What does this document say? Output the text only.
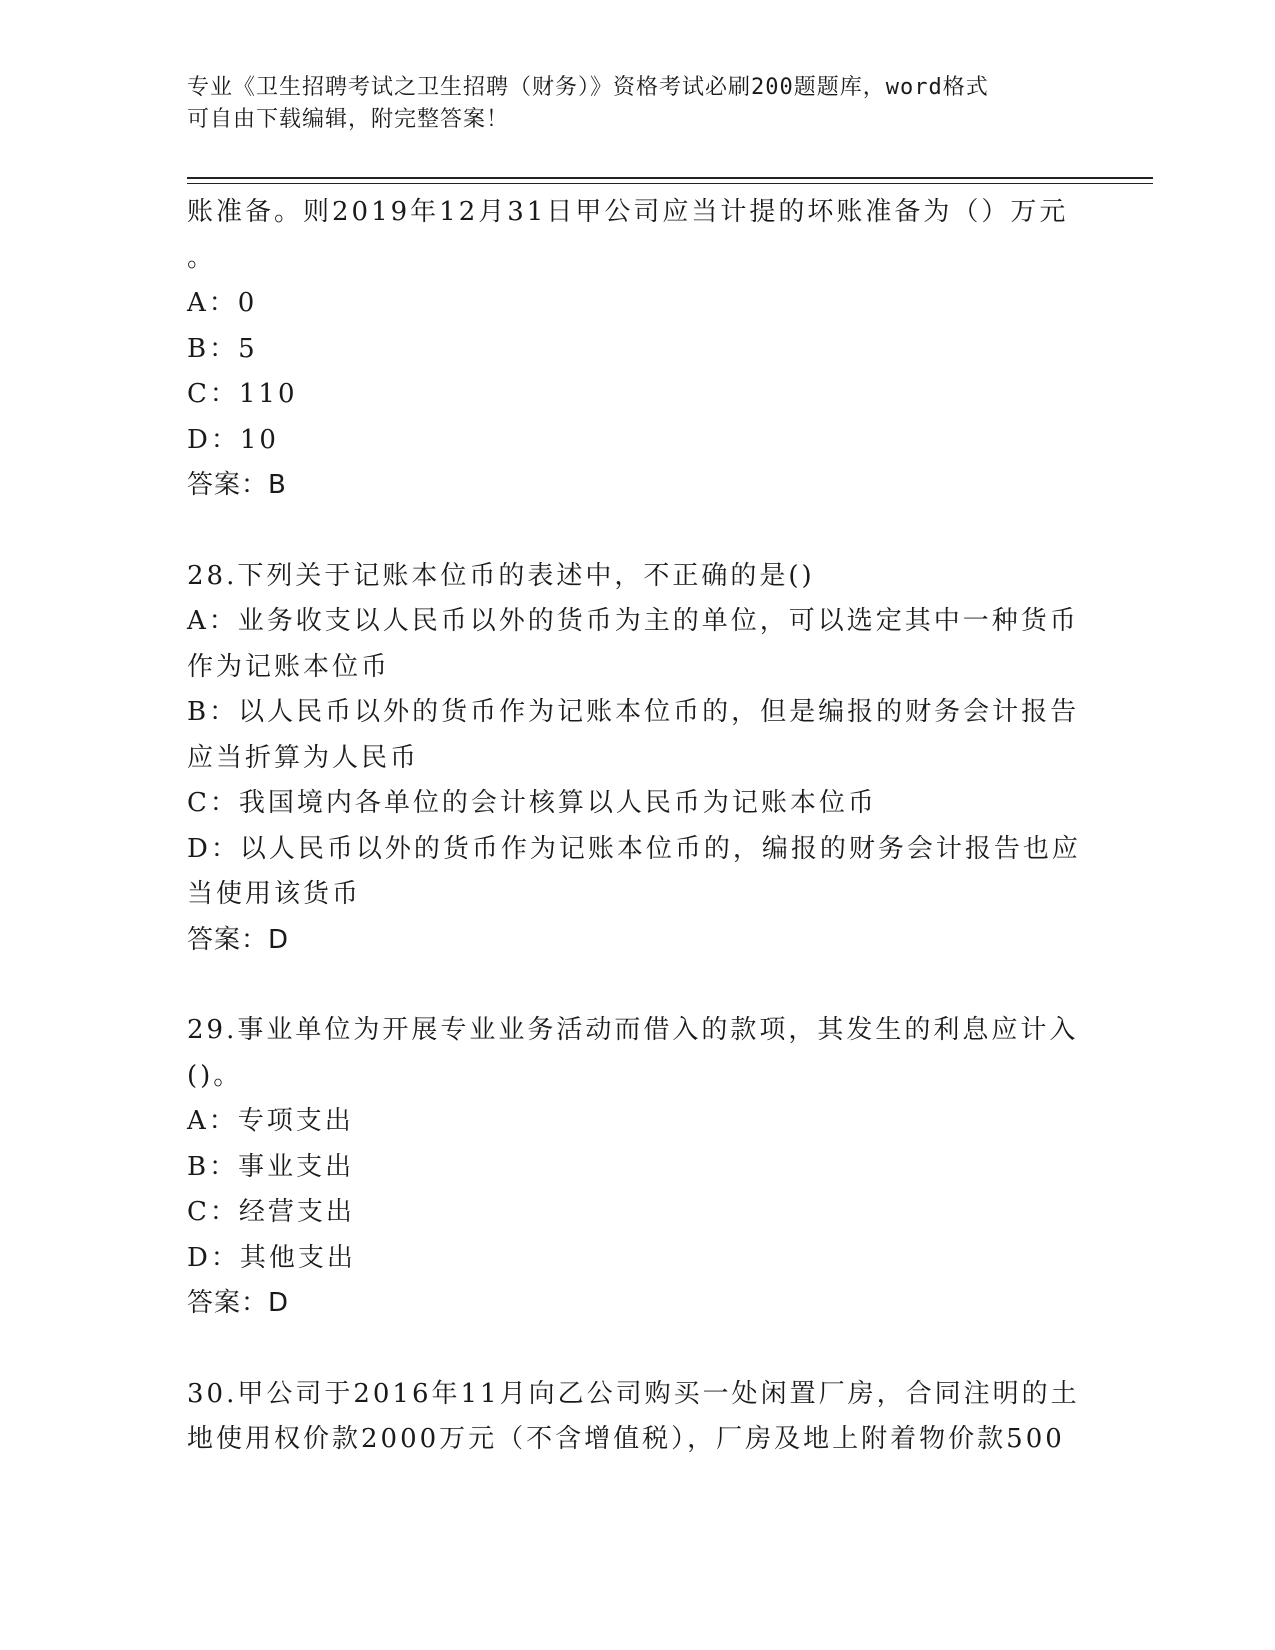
专业《卫生招聘考试之卫生招聘（财务）》资格考试必刷200题题库，word格式
可自由下载编辑，附完整答案！
账准备。则2019年12月31日甲公司应当计提的坏账准备为（）万元
。
A：0
B：5
C：110
D：10
答案：B
28.下列关于记账本位币的表述中，不正确的是()
A：业务收支以人民币以外的货币为主的单位，可以选定其中一种货币
作为记账本位币
B：以人民币以外的货币作为记账本位币的，但是编报的财务会计报告
应当折算为人民币
C：我国境内各单位的会计核算以人民币为记账本位币
D：以人民币以外的货币作为记账本位币的，编报的财务会计报告也应
当使用该货币
答案：D
29.事业单位为开展专业业务活动而借入的款项，其发生的利息应计入
()。
A：专项支出
B：事业支出
C：经营支出
D：其他支出
答案：D
30.甲公司于2016年11月向乙公司购买一处闲置厂房，合同注明的土
地使用权价款2000万元（不含增值税），厂房及地上附着物价款500
